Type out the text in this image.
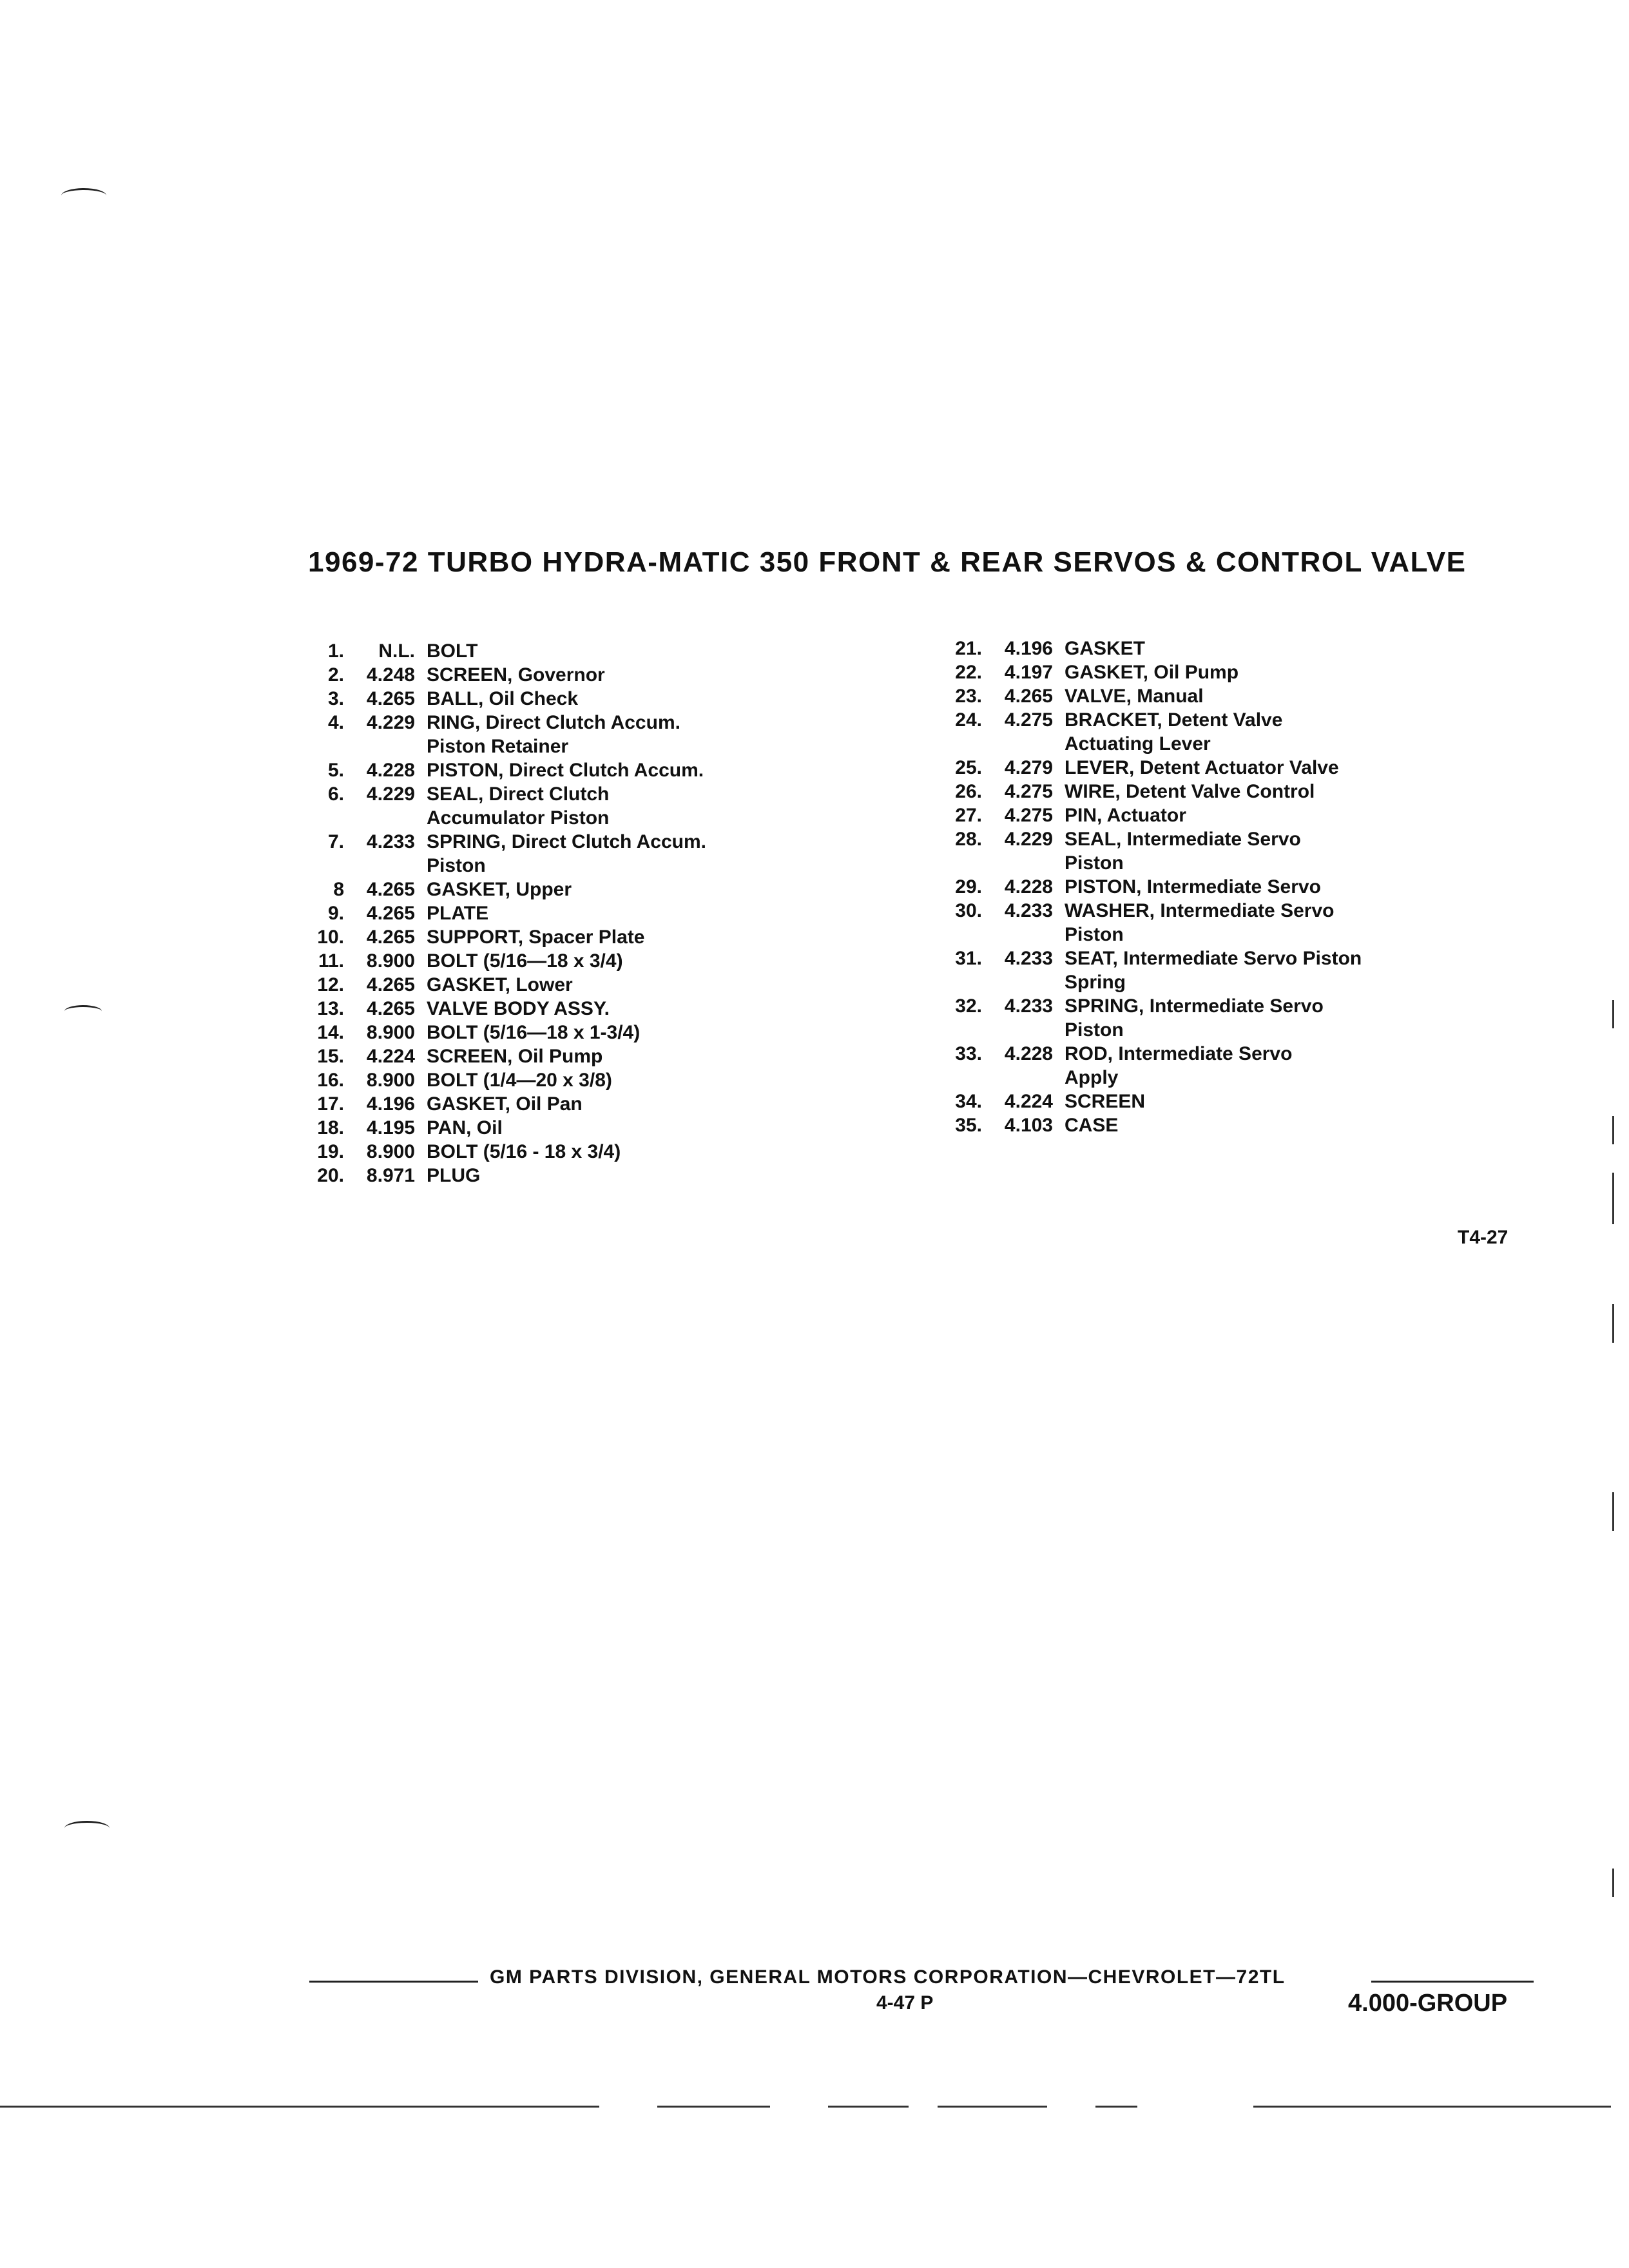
1969-72 TURBO HYDRA-MATIC 350 FRONT & REAR SERVOS & CONTROL VALVE
1.	N.L. BOLT
2.	4.248 SCREEN, Governor
3.	4.265 BALL, Oil Check
4.	4.229 RING, Direct Clutch Accum.
Piston Retainer
5.	4.228 PISTON, Direct Clutch Accum.
6.	4.229 SEAL, Direct Clutch
Accumulator Piston
7.	4.233 SPRING, Direct Clutch Accum.
Piston
8	4.265 GASKET, Upper
9.	4.265 PLATE
10.	4.265 SUPPORT, Spacer Plate
11.	8.900 BOLT (5/16—18 x 3/4)
12.	4.265 GASKET, Lower
13.	4.265 VALVE BODY ASSY.
14.	8.900 BOLT (5/16—18 x 1-3/4)
15.	4.224 SCREEN, Oil Pump
16.	8.900 BOLT (1/4—20 x 3/8)
17.	4.196 GASKET, Oil Pan
18.	4.195 PAN, Oil
19.	8.900 BOLT (5/16 - 18 x 3/4)
20.	8.971 PLUG
21.	4.196 GASKET
22.	4.197 GASKET, Oil Pump
23.	4.265 VALVE, Manual
24.	4.275 BRACKET, Detent Valve
Actuating Lever
25.	4.279 LEVER, Detent Actuator Valve
26.	4.275 WIRE, Detent Valve Control
27.	4.275 PIN, Actuator
28.	4.229 SEAL, Intermediate Servo
Piston
29.	4.228 PISTON, Intermediate Servo
30.	4.233 WASHER, Intermediate Servo
Piston
31.	4.233 SEAT, Intermediate Servo Piston
Spring
32.	4.233 SPRING, Intermediate Servo
Piston
33.	4.228 ROD, Intermediate Servo
Apply
34.	4.224 SCREEN
35.	4.103 CASE
T4-27
GM PARTS DIVISION, GENERAL MOTORS CORPORATION—CHEVROLET—72TL
4-47 P	4.000-GROUP
